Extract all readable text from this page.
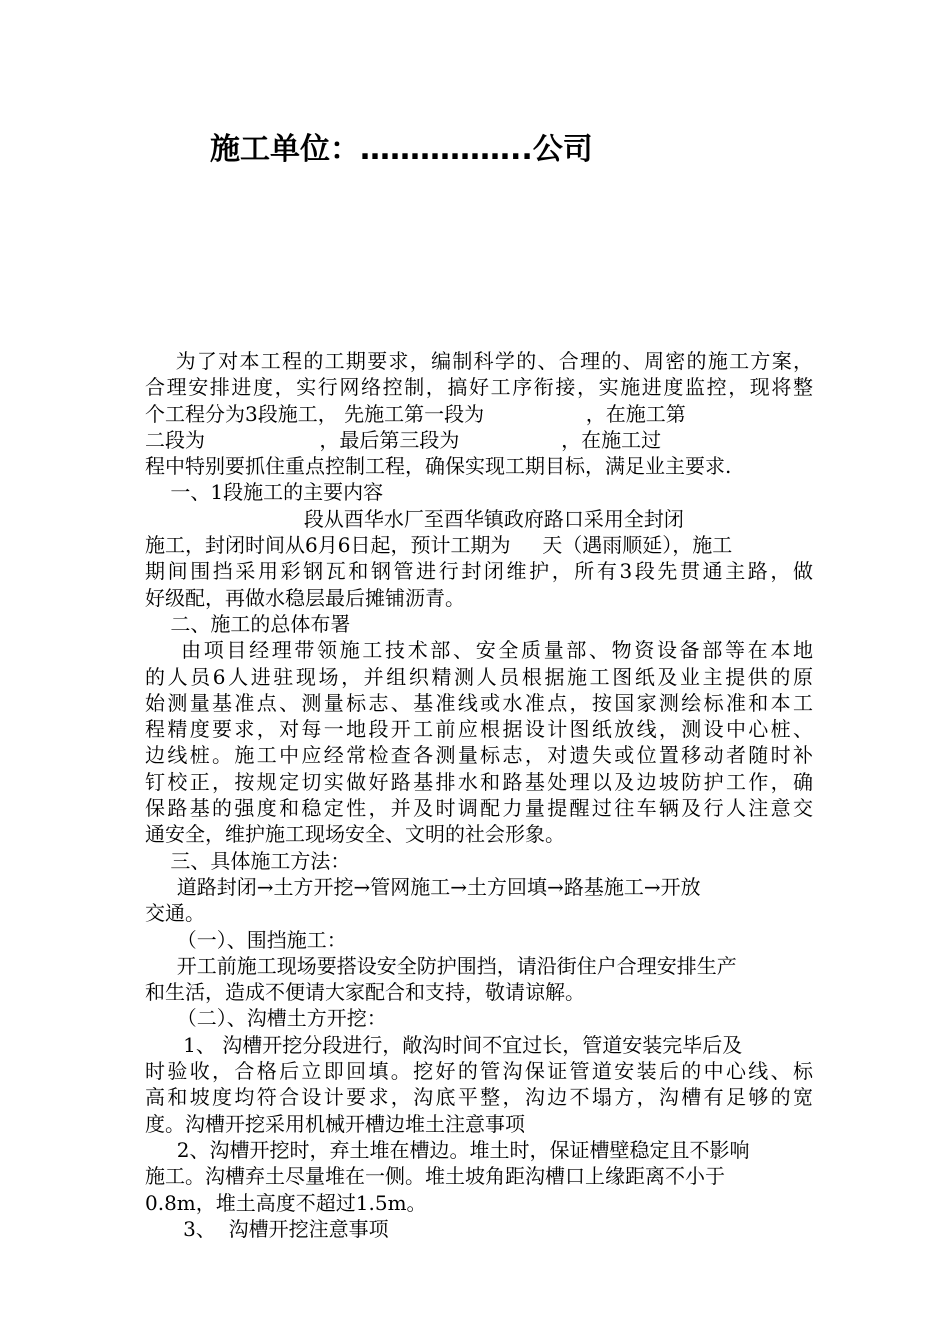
施工单位：……………..公司
为了对本工程的工期要求，编制科学的、合理的、周密的施工方案，
合理安排进度，实行网络控制，搞好工序衔接，实施进度监控，现将整
个工程分为3段施工， 先施工第一段为                ，在施工第
二段为                  ，最后第三段为                ，在施工过
程中特别要抓住重点控制工程，确保实现工期目标，满足业主要求.
一、1段施工的主要内容
段从酉华水厂至酉华镇政府路口采用全封闭
施工，封闭时间从6月6日起，预计工期为     天（遇雨顺延），施工
期间围挡采用彩钢瓦和钢管进行封闭维护，所有3段先贯通主路，做
好级配，再做水稳层最后摊铺沥青。
二、施工的总体布署
由项目经理带领施工技术部、安全质量部、物资设备部等在本地
的人员6人进驻现场，并组织精测人员根据施工图纸及业主提供的原
始测量基准点、测量标志、基准线或水准点，按国家测绘标准和本工
程精度要求，对每一地段开工前应根据设计图纸放线，测设中心桩、
边线桩。施工中应经常检查各测量标志，对遗失或位置移动者随时补
钉校正，按规定切实做好路基排水和路基处理以及边坡防护工作，确
保路基的强度和稳定性，并及时调配力量提醒过往车辆及行人注意交
通安全，维护施工现场安全、文明的社会形象。
三、具体施工方法：
道路封闭→土方开挖→管网施工→土方回填→路基施工→开放
交通。
（一）、围挡施工：
开工前施工现场要搭设安全防护围挡，请沿街住户合理安排生产
和生活，造成不便请大家配合和支持，敬请谅解。
（二）、沟槽土方开挖：
1、 沟槽开挖分段进行，敞沟时间不宜过长，管道安装完毕后及
时验收，合格后立即回填。挖好的管沟保证管道安装后的中心线、标
高和坡度均符合设计要求，沟底平整，沟边不塌方，沟槽有足够的宽
度。沟槽开挖采用机械开槽边堆土注意事项
2、沟槽开挖时，弃土堆在槽边。堆土时，保证槽壁稳定且不影响
施工。沟槽弃土尽量堆在一侧。堆土坡角距沟槽口上缘距离不小于
0.8m，堆土高度不超过1.5m。
3、  沟槽开挖注意事项
